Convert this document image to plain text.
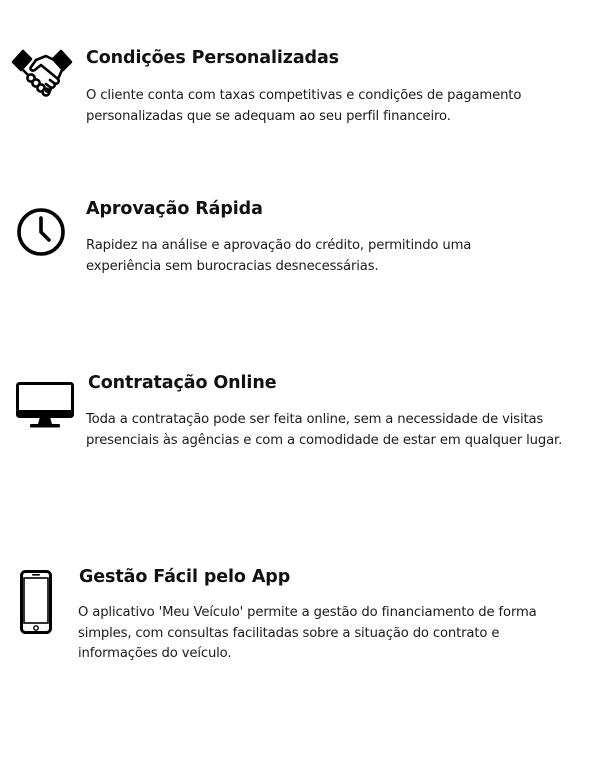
Condições Personalizadas

O cliente conta com taxas competitivas e condições de pagamento
personalizadas que se adequam ao seu perfil financeiro.

Aprovação Rápida

Rapidez na análise e aprovação do crédito, permitindo uma
experiência sem burocracias desnecessárias.

Contratação Online

Toda a contratação pode ser feita online, sem a necessidade de visitas
presenciais às agências e com a comodidade de estar em qualquer lugar.

Gestão Fácil pelo App

O aplicativo 'Meu Veículo' permite a gestão do financiamento de forma
simples, com consultas facilitadas sobre a situação do contrato e
informações do veículo.
